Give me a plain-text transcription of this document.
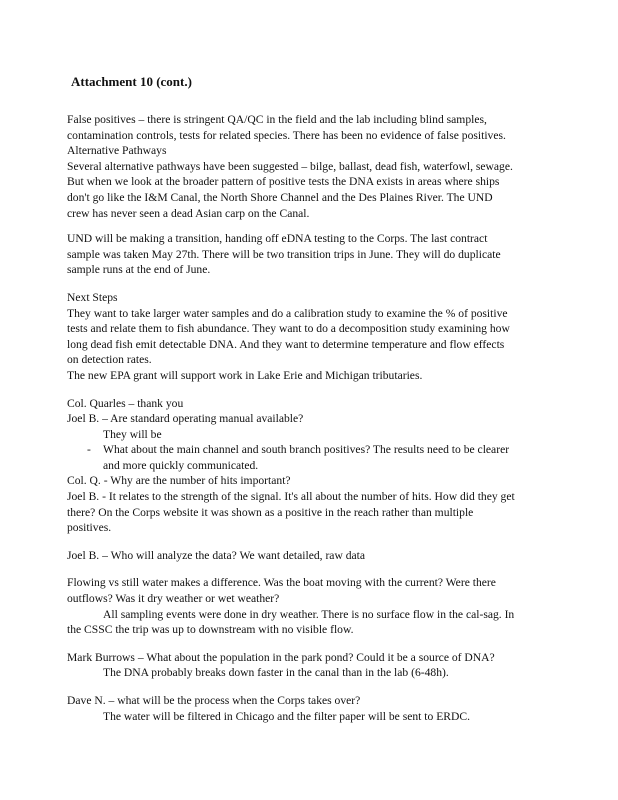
Attachment 10 (cont.)
False positives – there is stringent QA/QC in the field and the lab including blind samples,
contamination controls, tests for related species. There has been no evidence of false positives.
Alternative Pathways
Several alternative pathways have been suggested – bilge, ballast, dead fish, waterfowl, sewage.
But when we look at the broader pattern of positive tests the DNA exists in areas where ships
don't go like the I&M Canal, the North Shore Channel and the Des Plaines River. The UND
crew has never seen a dead Asian carp on the Canal.
UND will be making a transition, handing off eDNA testing to the Corps. The last contract
sample was taken May 27th. There will be two transition trips in June. They will do duplicate
sample runs at the end of June.
Next Steps
They want to take larger water samples and do a calibration study to examine the % of positive
tests and relate them to fish abundance. They want to do a decomposition study examining how
long dead fish emit detectable DNA. And they want to determine temperature and flow effects
on detection rates.
The new EPA grant will support work in Lake Erie and Michigan tributaries.
Col. Quarles – thank you
Joel B. – Are standard operating manual available?
They will be
- What about the main channel and south branch positives? The results need to be clearer
and more quickly communicated.
Col. Q. - Why are the number of hits important?
Joel B. - It relates to the strength of the signal. It's all about the number of hits. How did they get
there? On the Corps website it was shown as a positive in the reach rather than multiple
positives.
Joel B. – Who will analyze the data? We want detailed, raw data
Flowing vs still water makes a difference. Was the boat moving with the current? Were there
outflows? Was it dry weather or wet weather?
All sampling events were done in dry weather. There is no surface flow in the cal-sag. In
the CSSC the trip was up to downstream with no visible flow.
Mark Burrows – What about the population in the park pond? Could it be a source of DNA?
The DNA probably breaks down faster in the canal than in the lab (6-48h).
Dave N. – what will be the process when the Corps takes over?
The water will be filtered in Chicago and the filter paper will be sent to ERDC.
